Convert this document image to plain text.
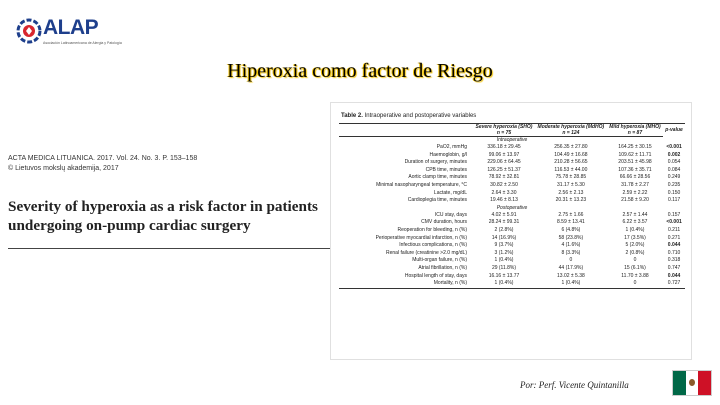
ALAP
Asociación Latinoamericana de Alergia y Patología
Hiperoxia como factor de Riesgo
ACTA MEDICA LITUANICA. 2017. Vol. 24. No. 3. P. 153–158
© Lietuvos mokslų akademija, 2017
Severity of hyperoxia as a risk factor in patients undergoing on-pump cardiac surgery
Table 2. Intraoperative and postoperative variables
	Severe hyperoxia (SHO)	Moderate hyperoxia (MdHO)	Mild hyperoxia (MHO)	p-value
	n = 75	n = 124	n = 87	
Intraoperative				
PaO2, mmHg	336.18 ± 29.45	256.35 ± 27.80	164.25 ± 30.15	<0.001
Haemoglobin, g/l	99.06 ± 13.97	104.49 ± 16.68	109.62 ± 11.71	0.002
Duration of surgery, minutes	229.06 ± 64.45	210.28 ± 56.65	203.51 ± 45.98	0.054
CPB time, minutes	126.25 ± 51.37	116.53 ± 44.00	107.36 ± 35.71	0.084
Aortic clamp time, minutes	78.92 ± 32.81	75.78 ± 28.85	66.66 ± 28.56	0.249
Minimal nasopharyngeal temperature, °C	30.82 ± 2.50	31.17 ± 5.30	31.78 ± 2.27	0.235
Lactate, mg/dL	2.64 ± 3.30	2.56 ± 2.13	2.59 ± 2.22	0.150
Cardioplegia time, minutes	19.46 ± 8.13	20.31 ± 13.23	21.58 ± 9.20	0.117
Postoperative				
ICU stay, days	4.02 ± 5.91	2.75 ± 1.66	2.57 ± 1.44	0.157
CMV duration, hours	28.24 ± 99.31	8.59 ± 13.41	6.22 ± 3.57	<0.001
Reoperation for bleeding, n (%)	2 (2.8%)	6 (4.8%)	1 (0.4%)	0.211
Perioperative myocardial infarction, n (%)	14 (16.9%)	58 (23.8%)	17 (3.5%)	0.271
Infectious complications, n (%)	9 (3.7%)	4 (1.6%)	5 (2.0%)	0.044
Renal failure (creatinine >2.0 mg/dL)	3 (1.2%)	8 (3.3%)	2 (0.8%)	0.710
Multi-organ failure, n (%)	1 (0.4%)	0	0	0.318
Atrial fibrillation, n (%)	29 (11.8%)	44 (17.9%)	15 (6.1%)	0.747
Hospital length of stay, days	16.16 ± 13.77	13.02 ± 5.38	11.70 ± 3.88	0.044
Mortality, n (%)	1 (0.4%)	1 (0.4%)	0	0.727
Por: Perf. Vicente Quintanilla
